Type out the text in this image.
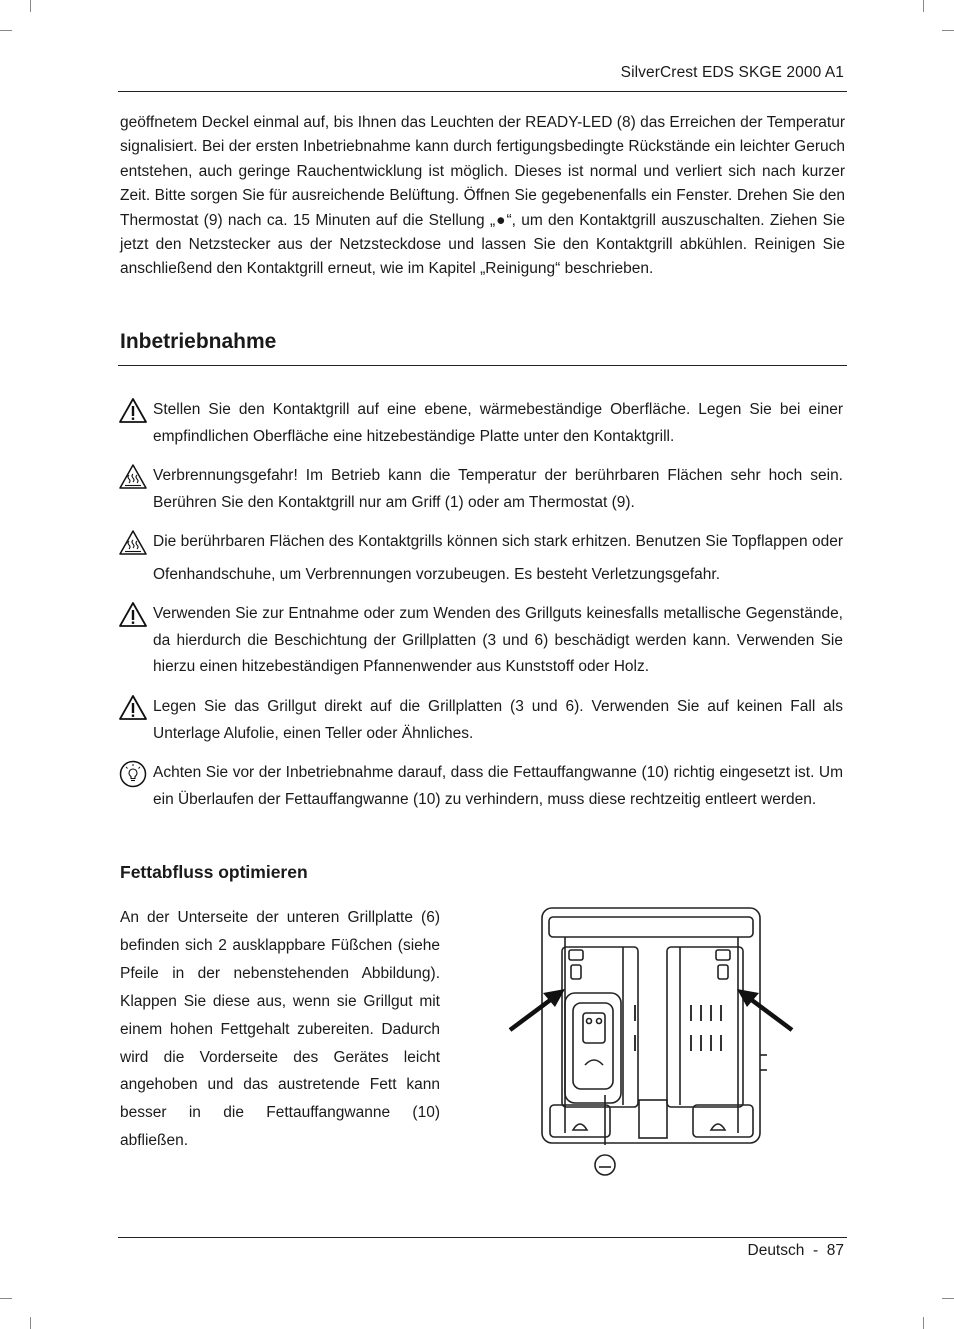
SilverCrest EDS SKGE 2000 A1

geöffnetem Deckel einmal auf, bis Ihnen das Leuchten der READY-LED (8) das Erreichen der Temperatur signalisiert. Bei der ersten Inbetriebnahme kann durch fertigungsbedingte Rückstände ein leichter Geruch entstehen, auch geringe Rauchentwicklung ist möglich. Dieses ist normal und verliert sich nach kurzer Zeit. Bitte sorgen Sie für ausreichende Belüftung. Öffnen Sie gegebenenfalls ein Fenster. Drehen Sie den Thermostat (9) nach ca. 15 Minuten auf die Stellung „●“, um den Kontaktgrill auszuschalten. Ziehen Sie jetzt den Netzstecker aus der Netzsteckdose und lassen Sie den Kontaktgrill abkühlen. Reinigen Sie anschließend den Kontaktgrill erneut, wie im Kapitel „Reinigung“ beschrieben.

Inbetriebnahme
Stellen Sie den Kontaktgrill auf eine ebene, wärmebeständige Oberfläche. Legen Sie bei einer empfindlichen Oberfläche eine hitzebeständige Platte unter den Kontaktgrill.
Verbrennungsgefahr! Im Betrieb kann die Temperatur der berührbaren Flächen sehr hoch sein. Berühren Sie den Kontaktgrill nur am Griff (1) oder am Thermostat (9).
Die berührbaren Flächen des Kontaktgrills können sich stark erhitzen. Benutzen Sie Topflappen oder Ofenhandschuhe, um Verbrennungen vorzubeugen. Es besteht Verletzungsgefahr.
Verwenden Sie zur Entnahme oder zum Wenden des Grillguts keinesfalls metallische Gegenstände, da hierdurch die Beschichtung der Grillplatten (3 und 6) beschädigt werden kann. Verwenden Sie hierzu einen hitzebeständigen Pfannenwender aus Kunststoff oder Holz.
Legen Sie das Grillgut direkt auf die Grillplatten (3 und 6). Verwenden Sie auf keinen Fall als Unterlage Alufolie, einen Teller oder Ähnliches.
Achten Sie vor der Inbetriebnahme darauf, dass die Fettauffangwanne (10) richtig eingesetzt ist. Um ein Überlaufen der Fettauffangwanne (10) zu verhindern, muss diese rechtzeitig entleert werden.
Fettabfluss optimieren

An der Unterseite der unteren Grillplatte (6) befinden sich 2 ausklappbare Füßchen (siehe Pfeile in der nebenstehenden Abbildung). Klappen Sie diese aus, wenn sie Grillgut mit einem hohen Fettgehalt zubereiten. Dadurch wird die Vorderseite des Gerätes leicht angehoben und das austretende Fett kann besser in die Fettauffangwanne (10) abfließen.

Deutsch  -  87
